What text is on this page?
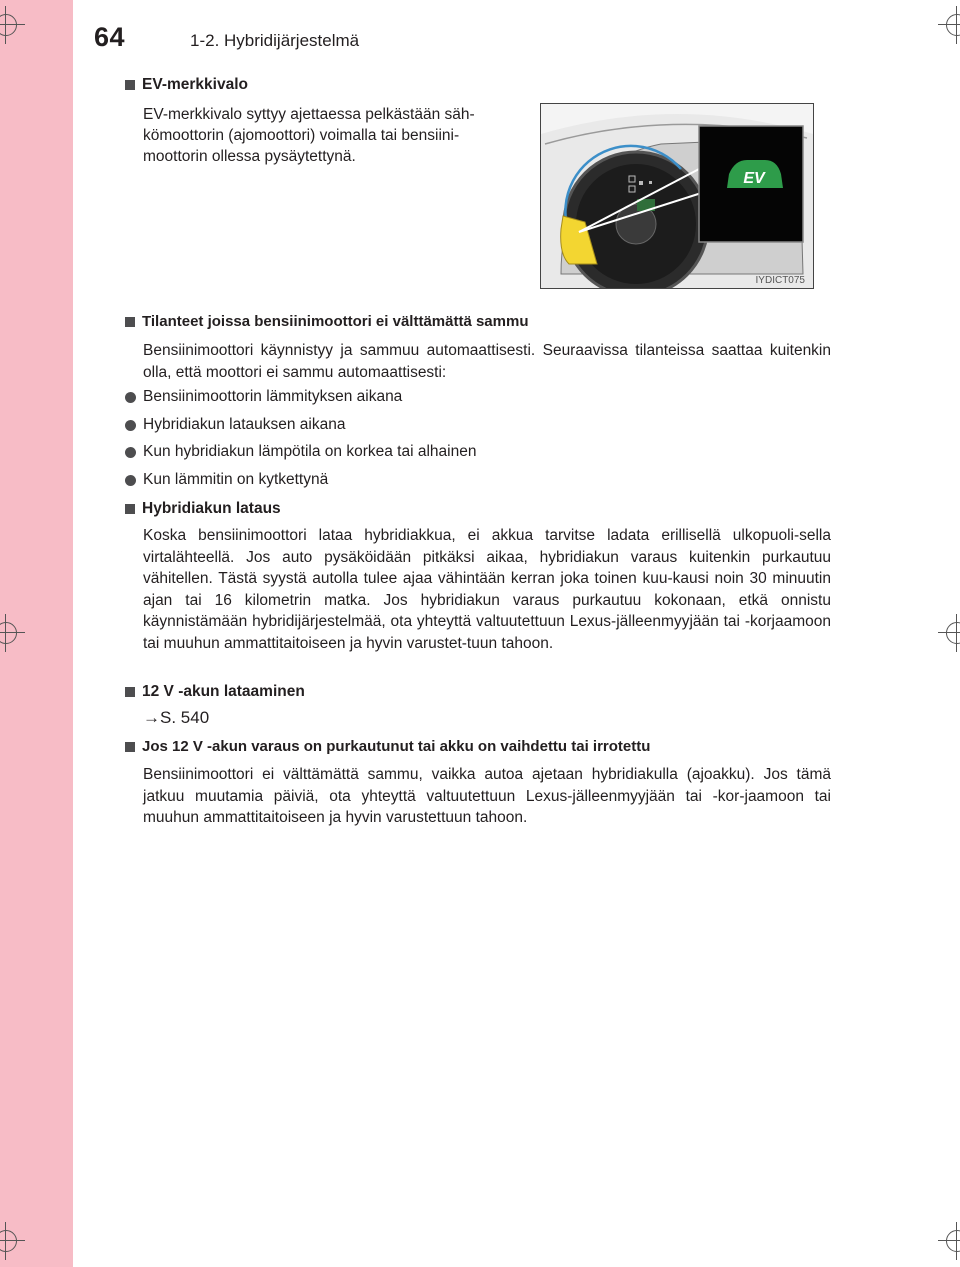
64	1-2. Hybridijärjestelmä
EV-merkkivalo
EV-merkkivalo syttyy ajettaessa pelkästään säh-
kömoottorin (ajomoottori) voimalla tai bensiini-
moottorin ollessa pysäytettynä.
EV
IYDICT075
Tilanteet joissa bensiinimoottori ei välttämättä sammu
Bensiinimoottori käynnistyy ja sammuu automaattisesti. Seuraavissa tilanteissa saattaa kuitenkin olla, että moottori ei sammu automaattisesti:
Bensiinimoottorin lämmityksen aikana
Hybridiakun latauksen aikana
Kun hybridiakun lämpötila on korkea tai alhainen
Kun lämmitin on kytkettynä
Hybridiakun lataus
Koska bensiinimoottori lataa hybridiakkua, ei akkua tarvitse ladata erillisellä ulkopuoli-sella virtalähteellä. Jos auto pysäköidään pitkäksi aikaa, hybridiakun varaus kuitenkin purkautuu vähitellen. Tästä syystä autolla tulee ajaa vähintään kerran joka toinen kuu-kausi noin 30 minuutin ajan tai 16 kilometrin matka. Jos hybridiakun varaus purkautuu kokonaan, etkä onnistu käynnistämään hybridijärjestelmää, ota yhteyttä valtuutettuun Lexus-jälleenmyyjään tai -korjaamoon tai muuhun ammattitaitoiseen ja hyvin varustet-tuun tahoon.
12 V -akun lataaminen
→S. 540
Jos 12 V -akun varaus on purkautunut tai akku on vaihdettu tai irrotettu
Bensiinimoottori ei välttämättä sammu, vaikka autoa ajetaan hybridiakulla (ajoakku). Jos tämä jatkuu muutamia päiviä, ota yhteyttä valtuutettuun Lexus-jälleenmyyjään tai -kor-jaamoon tai muuhun ammattitaitoiseen ja hyvin varustettuun tahoon.
